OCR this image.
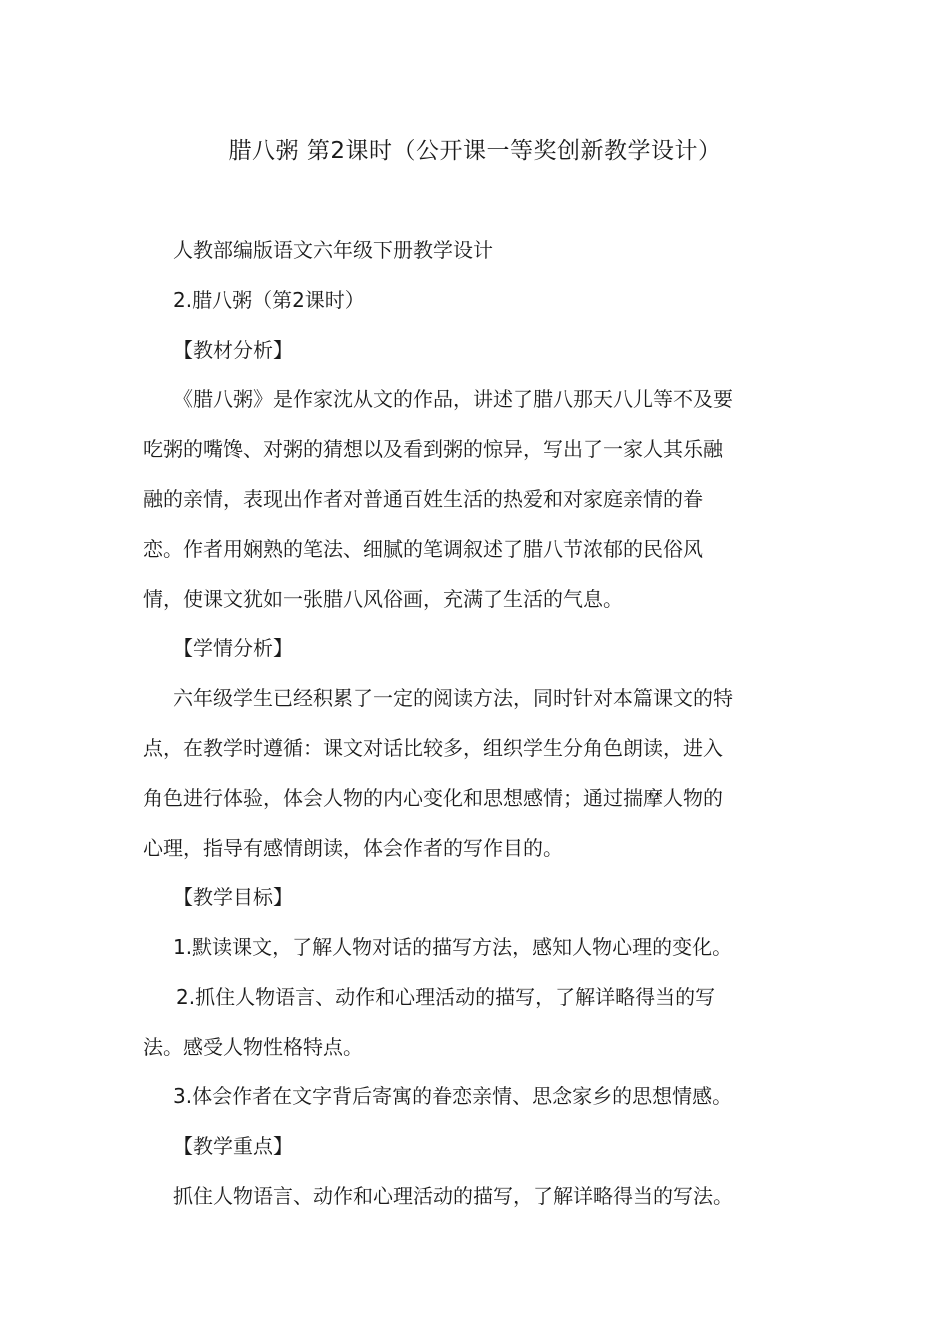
腊八粥 第2课时（公开课一等奖创新教学设计）
人教部编版语文六年级下册教学设计
2.腊八粥（第2课时）
【教材分析】
《腊八粥》是作家沈从文的作品，讲述了腊八那天八儿等不及要
吃粥的嘴馋、对粥的猜想以及看到粥的惊异，写出了一家人其乐融
融的亲情，表现出作者对普通百姓生活的热爱和对家庭亲情的眷
恋。作者用娴熟的笔法、细腻的笔调叙述了腊八节浓郁的民俗风
情，使课文犹如一张腊八风俗画，充满了生活的气息。
【学情分析】
六年级学生已经积累了一定的阅读方法，同时针对本篇课文的特
点，在教学时遵循：课文对话比较多，组织学生分角色朗读，进入
角色进行体验，体会人物的内心变化和思想感情；通过揣摩人物的
心理，指导有感情朗读，体会作者的写作目的。
【教学目标】
1.默读课文，了解人物对话的描写方法，感知人物心理的变化。
2.抓住人物语言、动作和心理活动的描写，了解详略得当的写
法。感受人物性格特点。
3.体会作者在文字背后寄寓的眷恋亲情、思念家乡的思想情感。
【教学重点】
抓住人物语言、动作和心理活动的描写，了解详略得当的写法。
